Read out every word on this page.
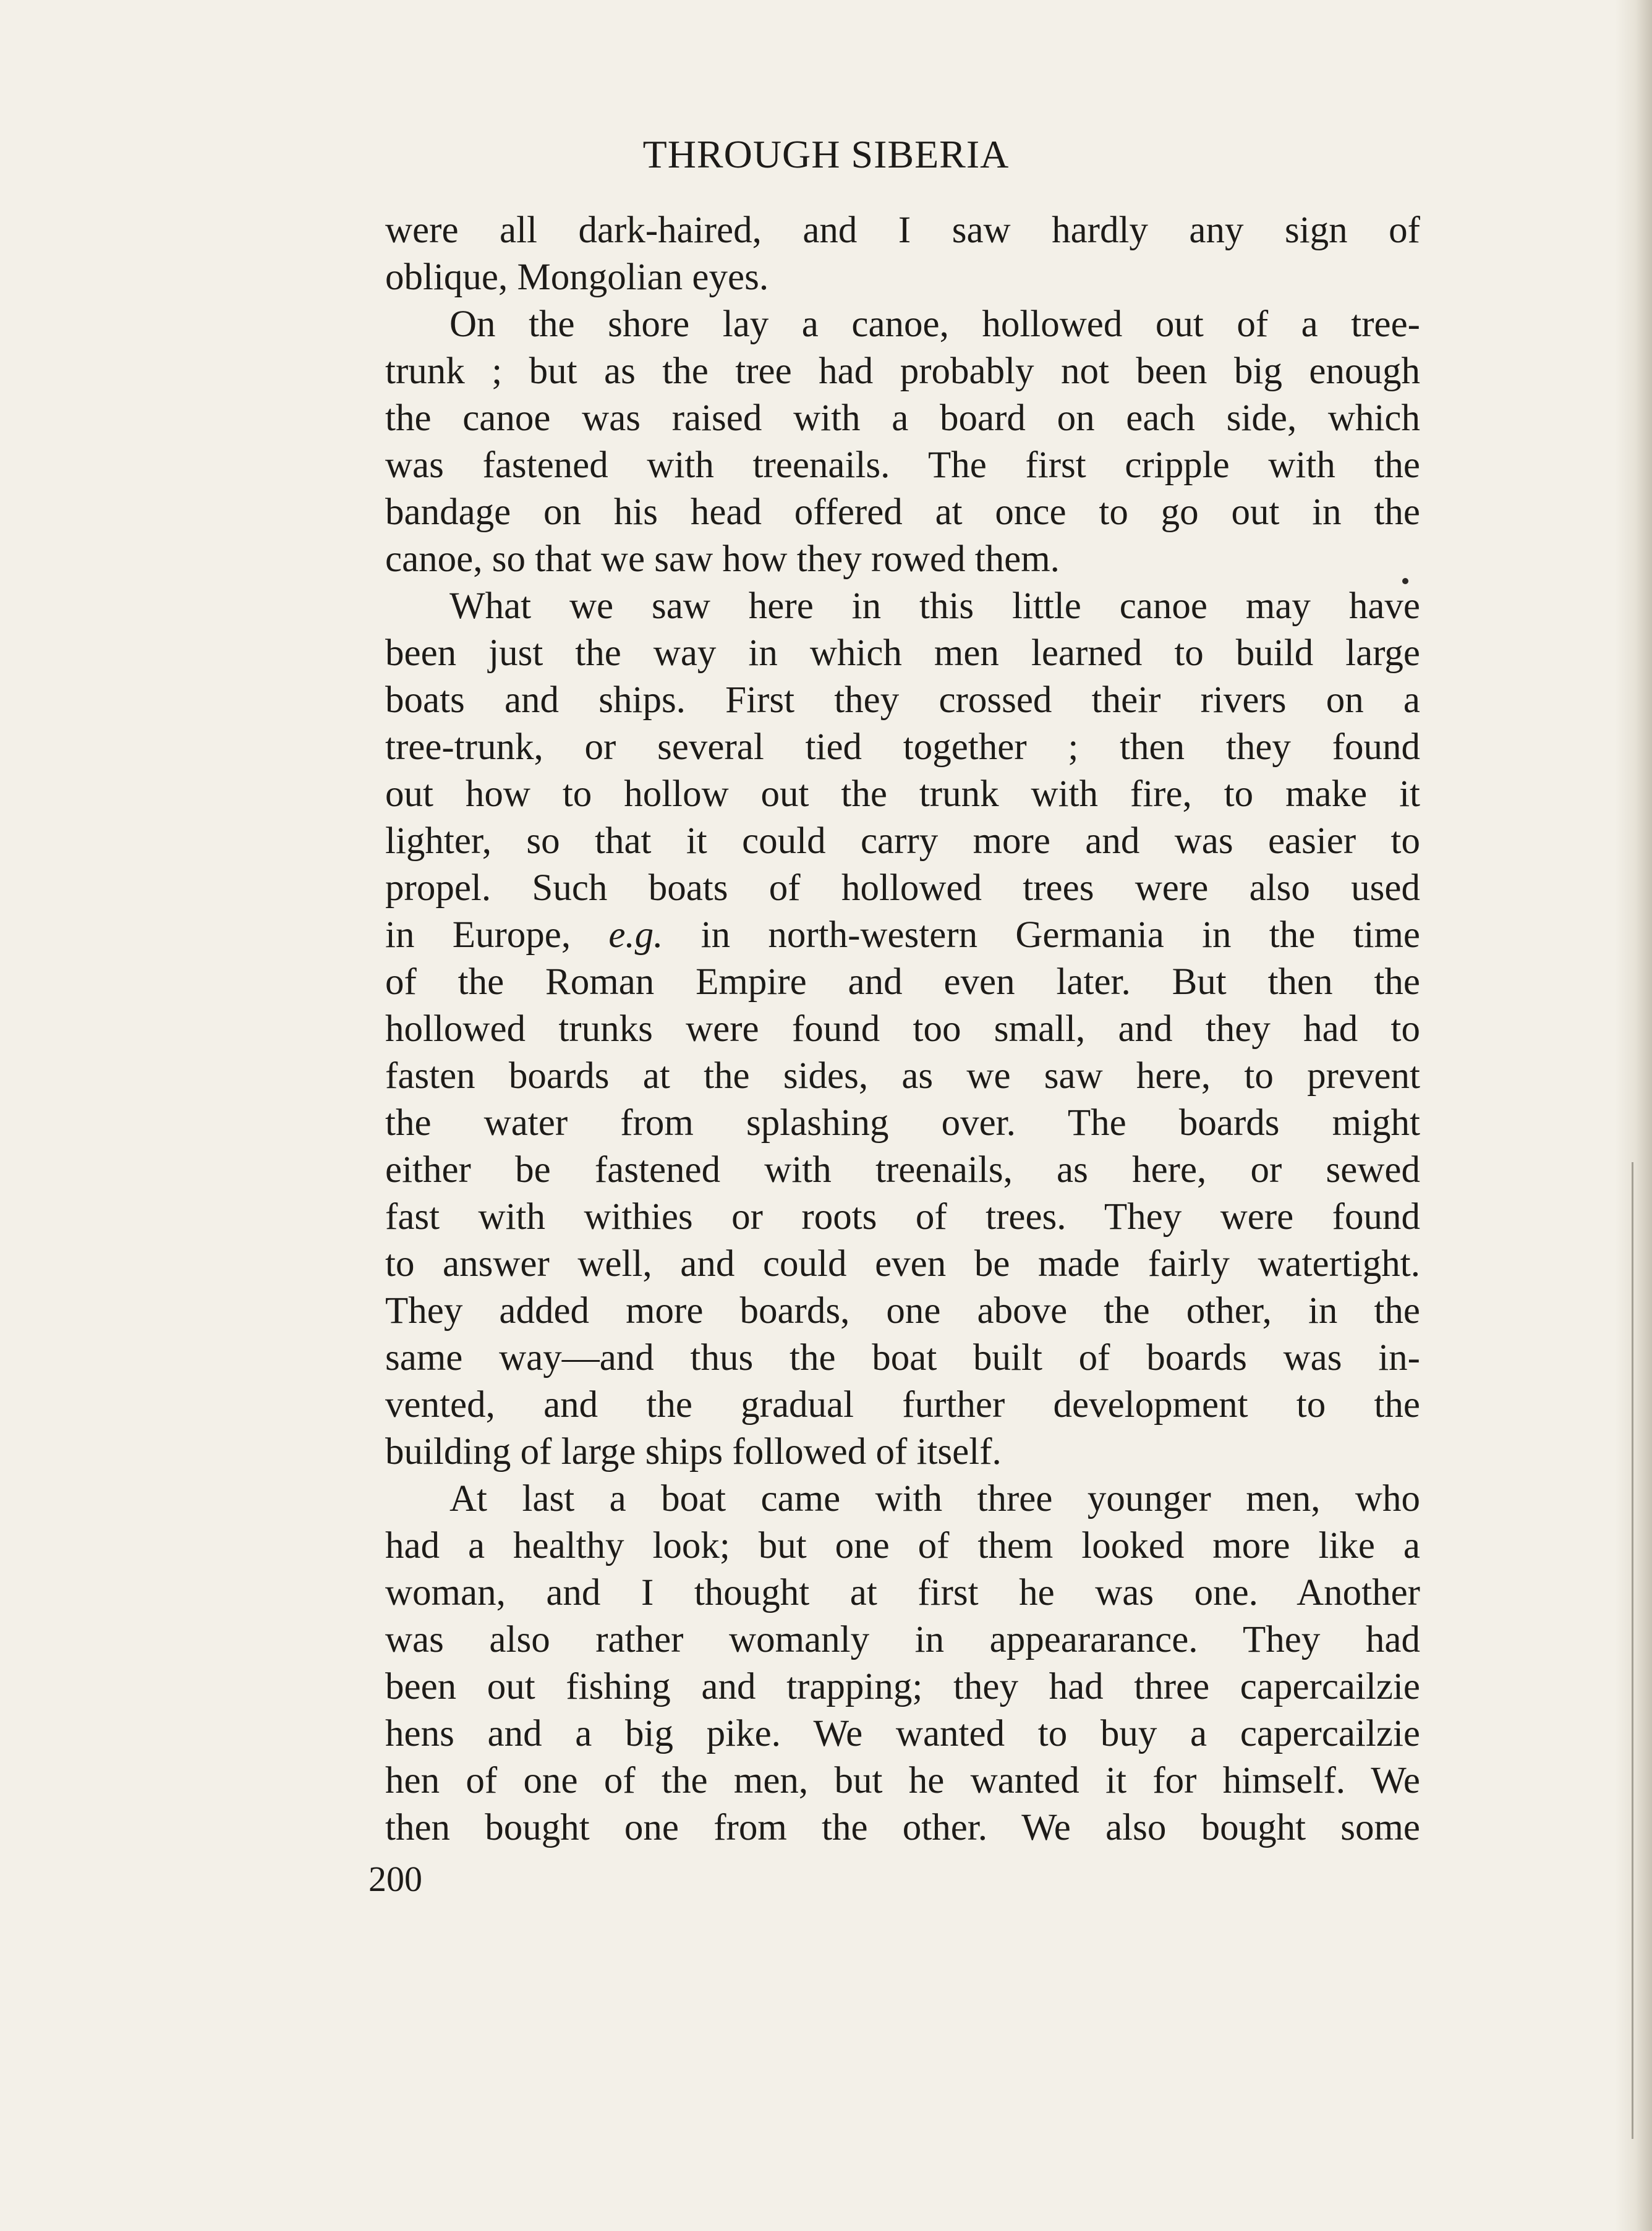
THROUGH SIBERIA
were all dark-haired, and I saw hardly any sign of
oblique, Mongolian eyes.
On the shore lay a canoe, hollowed out of a tree-
trunk ; but as the tree had probably not been big enough
the canoe was raised with a board on each side, which
was fastened with treenails. The first cripple with the
bandage on his head offered at once to go out in the
canoe, so that we saw how they rowed them.
What we saw here in this little canoe may have
been just the way in which men learned to build large
boats and ships. First they crossed their rivers on a
tree-trunk, or several tied together ; then they found
out how to hollow out the trunk with fire, to make it
lighter, so that it could carry more and was easier to
propel. Such boats of hollowed trees were also used
in Europe, e.g. in north-western Germania in the time
of the Roman Empire and even later. But then the
hollowed trunks were found too small, and they had to
fasten boards at the sides, as we saw here, to prevent
the water from splashing over. The boards might
either be fastened with treenails, as here, or sewed
fast with withies or roots of trees. They were found
to answer well, and could even be made fairly watertight.
They added more boards, one above the other, in the
same way—and thus the boat built of boards was in-
vented, and the gradual further development to the
building of large ships followed of itself.
At last a boat came with three younger men, who
had a healthy look; but one of them looked more like a
woman, and I thought at first he was one. Another
was also rather womanly in appeararance. They had
been out fishing and trapping; they had three capercailzie
hens and a big pike. We wanted to buy a capercailzie
hen of one of the men, but he wanted it for himself. We
then bought one from the other. We also bought some
200
